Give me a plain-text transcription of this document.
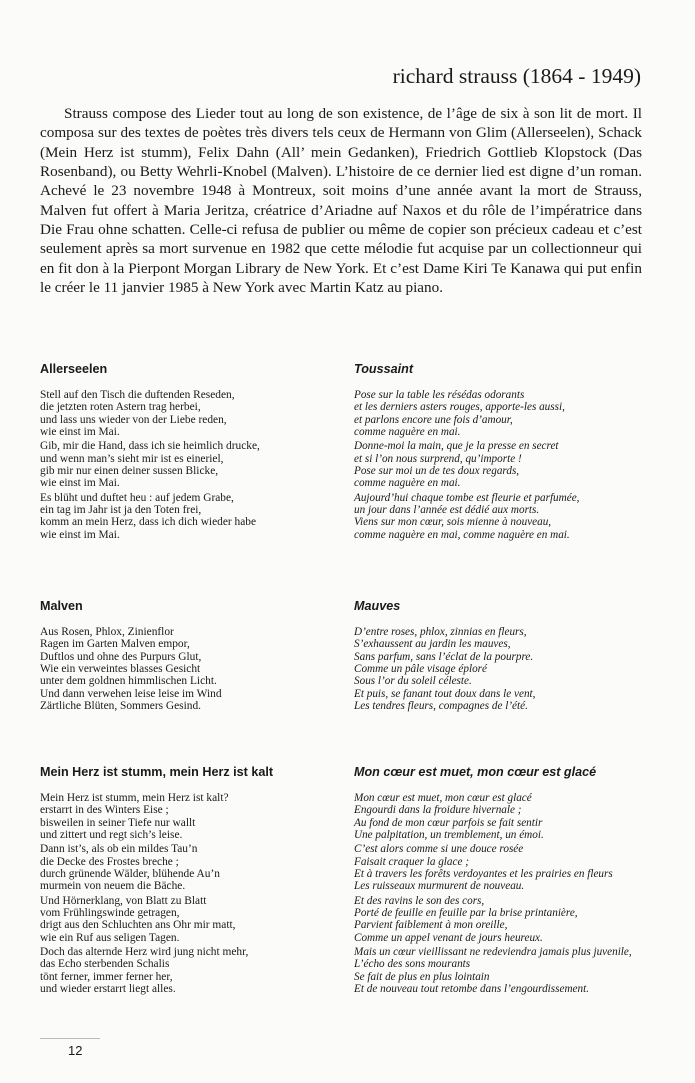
richard strauss (1864 - 1949)

Strauss compose des Lieder tout au long de son existence, de l’âge de six à son lit de mort. Il composa sur des textes de poètes très divers tels ceux de Hermann von Glim (Allerseelen), Schack (Mein Herz ist stumm), Felix Dahn (All’ mein Gedanken), Friedrich Gottlieb Klopstock (Das Rosenband), ou Betty Wehrli-Knobel (Malven). L’histoire de ce dernier lied est digne d’un roman. Achevé le 23 novembre 1948 à Montreux, soit moins d’une année avant la mort de Strauss, Malven fut offert à Maria Jeritza, créatrice d’Ariadne auf Naxos et du rôle de l’impératrice dans Die Frau ohne schatten. Celle-ci refusa de publier ou même de copier son précieux cadeau et c’est seulement après sa mort survenue en 1982 que cette mélodie fut acquise par un collectionneur qui en fit don à la Pierpont Morgan Library de New York. Et c’est Dame Kiri Te Kanawa qui put enfin le créer le 11 janvier 1985 à New York avec Martin Katz au piano.

Allerseelen
Stell auf den Tisch die duftenden Reseden,
die jetzten roten Astern trag herbei,
und lass uns wieder von der Liebe reden,
wie einst im Mai.
Gib, mir die Hand, dass ich sie heimlich drucke,
und wenn man’s sieht mir ist es eineriel,
gib mir nur einen deiner sussen Blicke,
wie einst im Mai.
Es blüht und duftet heu : auf jedem Grabe,
ein tag im Jahr ist ja den Toten frei,
komm an mein Herz, dass ich dich wieder habe
wie einst im Mai.
Toussaint
Pose sur la table les résédas odorants
et les derniers asters rouges, apporte-les aussi,
et parlons encore une fois d’amour,
comme naguère en mai.
Donne-moi la main, que je la presse en secret
et si l’on nous surprend, qu’importe !
Pose sur moi un de tes doux regards,
comme naguère en mai.
Aujourd’hui chaque tombe est fleurie et parfumée,
un jour dans l’année est dédié aux morts.
Viens sur mon cœur, sois mienne à nouveau,
comme naguère en mai, comme naguère en mai.
Malven
Aus Rosen, Phlox, Zinienflor
Ragen im Garten Malven empor,
Duftlos und ohne des Purpurs Glut,
Wie ein verweintes blasses Gesicht
unter dem goldnen himmlischen Licht.
Und dann verwehen leise leise im Wind
Zärtliche Blüten, Sommers Gesind.
Mauves
D’entre roses, phlox, zinnias en fleurs,
S’exhaussent au jardin les mauves,
Sans parfum, sans l’éclat de la pourpre.
Comme un pâle visage éploré
Sous l’or du soleil céleste.
Et puis, se fanant tout doux dans le vent,
Les tendres fleurs, compagnes de l’été.
Mein Herz ist stumm, mein Herz ist kalt
Mein Herz ist stumm, mein Herz ist kalt?
erstarrt in des Winters Eise ;
bisweilen in seiner Tiefe nur wallt
und zittert und regt sich’s leise.
Dann ist’s, als ob ein mildes Tau’n
die Decke des Frostes breche ;
durch grünende Wälder, blühende Au’n
murmein von neuem die Bäche.
Und Hörnerklang, von Blatt zu Blatt
vom Frühlingswinde getragen,
drigt aus den Schluchten ans Ohr mir matt,
wie ein Ruf aus seligen Tagen.
Doch das alternde Herz wird jung nicht mehr,
das Echo sterbenden Schalis
tönt ferner, immer ferner her,
und wieder erstarrt liegt alles.
Mon cœur est muet, mon cœur est glacé
Mon cœur est muet, mon cœur est glacé
Engourdi dans la froidure hivernale ;
Au fond de mon cœur parfois se fait sentir
Une palpitation, un tremblement, un émoi.
C’est alors comme si une douce rosée
Faisait craquer la glace ;
Et à travers les forêts verdoyantes et les prairies en fleurs
Les ruisseaux murmurent de nouveau.
Et des ravins le son des cors,
Porté de feuille en feuille par la brise printanière,
Parvient faiblement à mon oreille,
Comme un appel venant de jours heureux.
Mais un cœur vieillissant ne redeviendra jamais plus juvenile,
L’écho des sons mourants
Se fait de plus en plus lointain
Et de nouveau tout retombe dans l’engourdissement.
12
